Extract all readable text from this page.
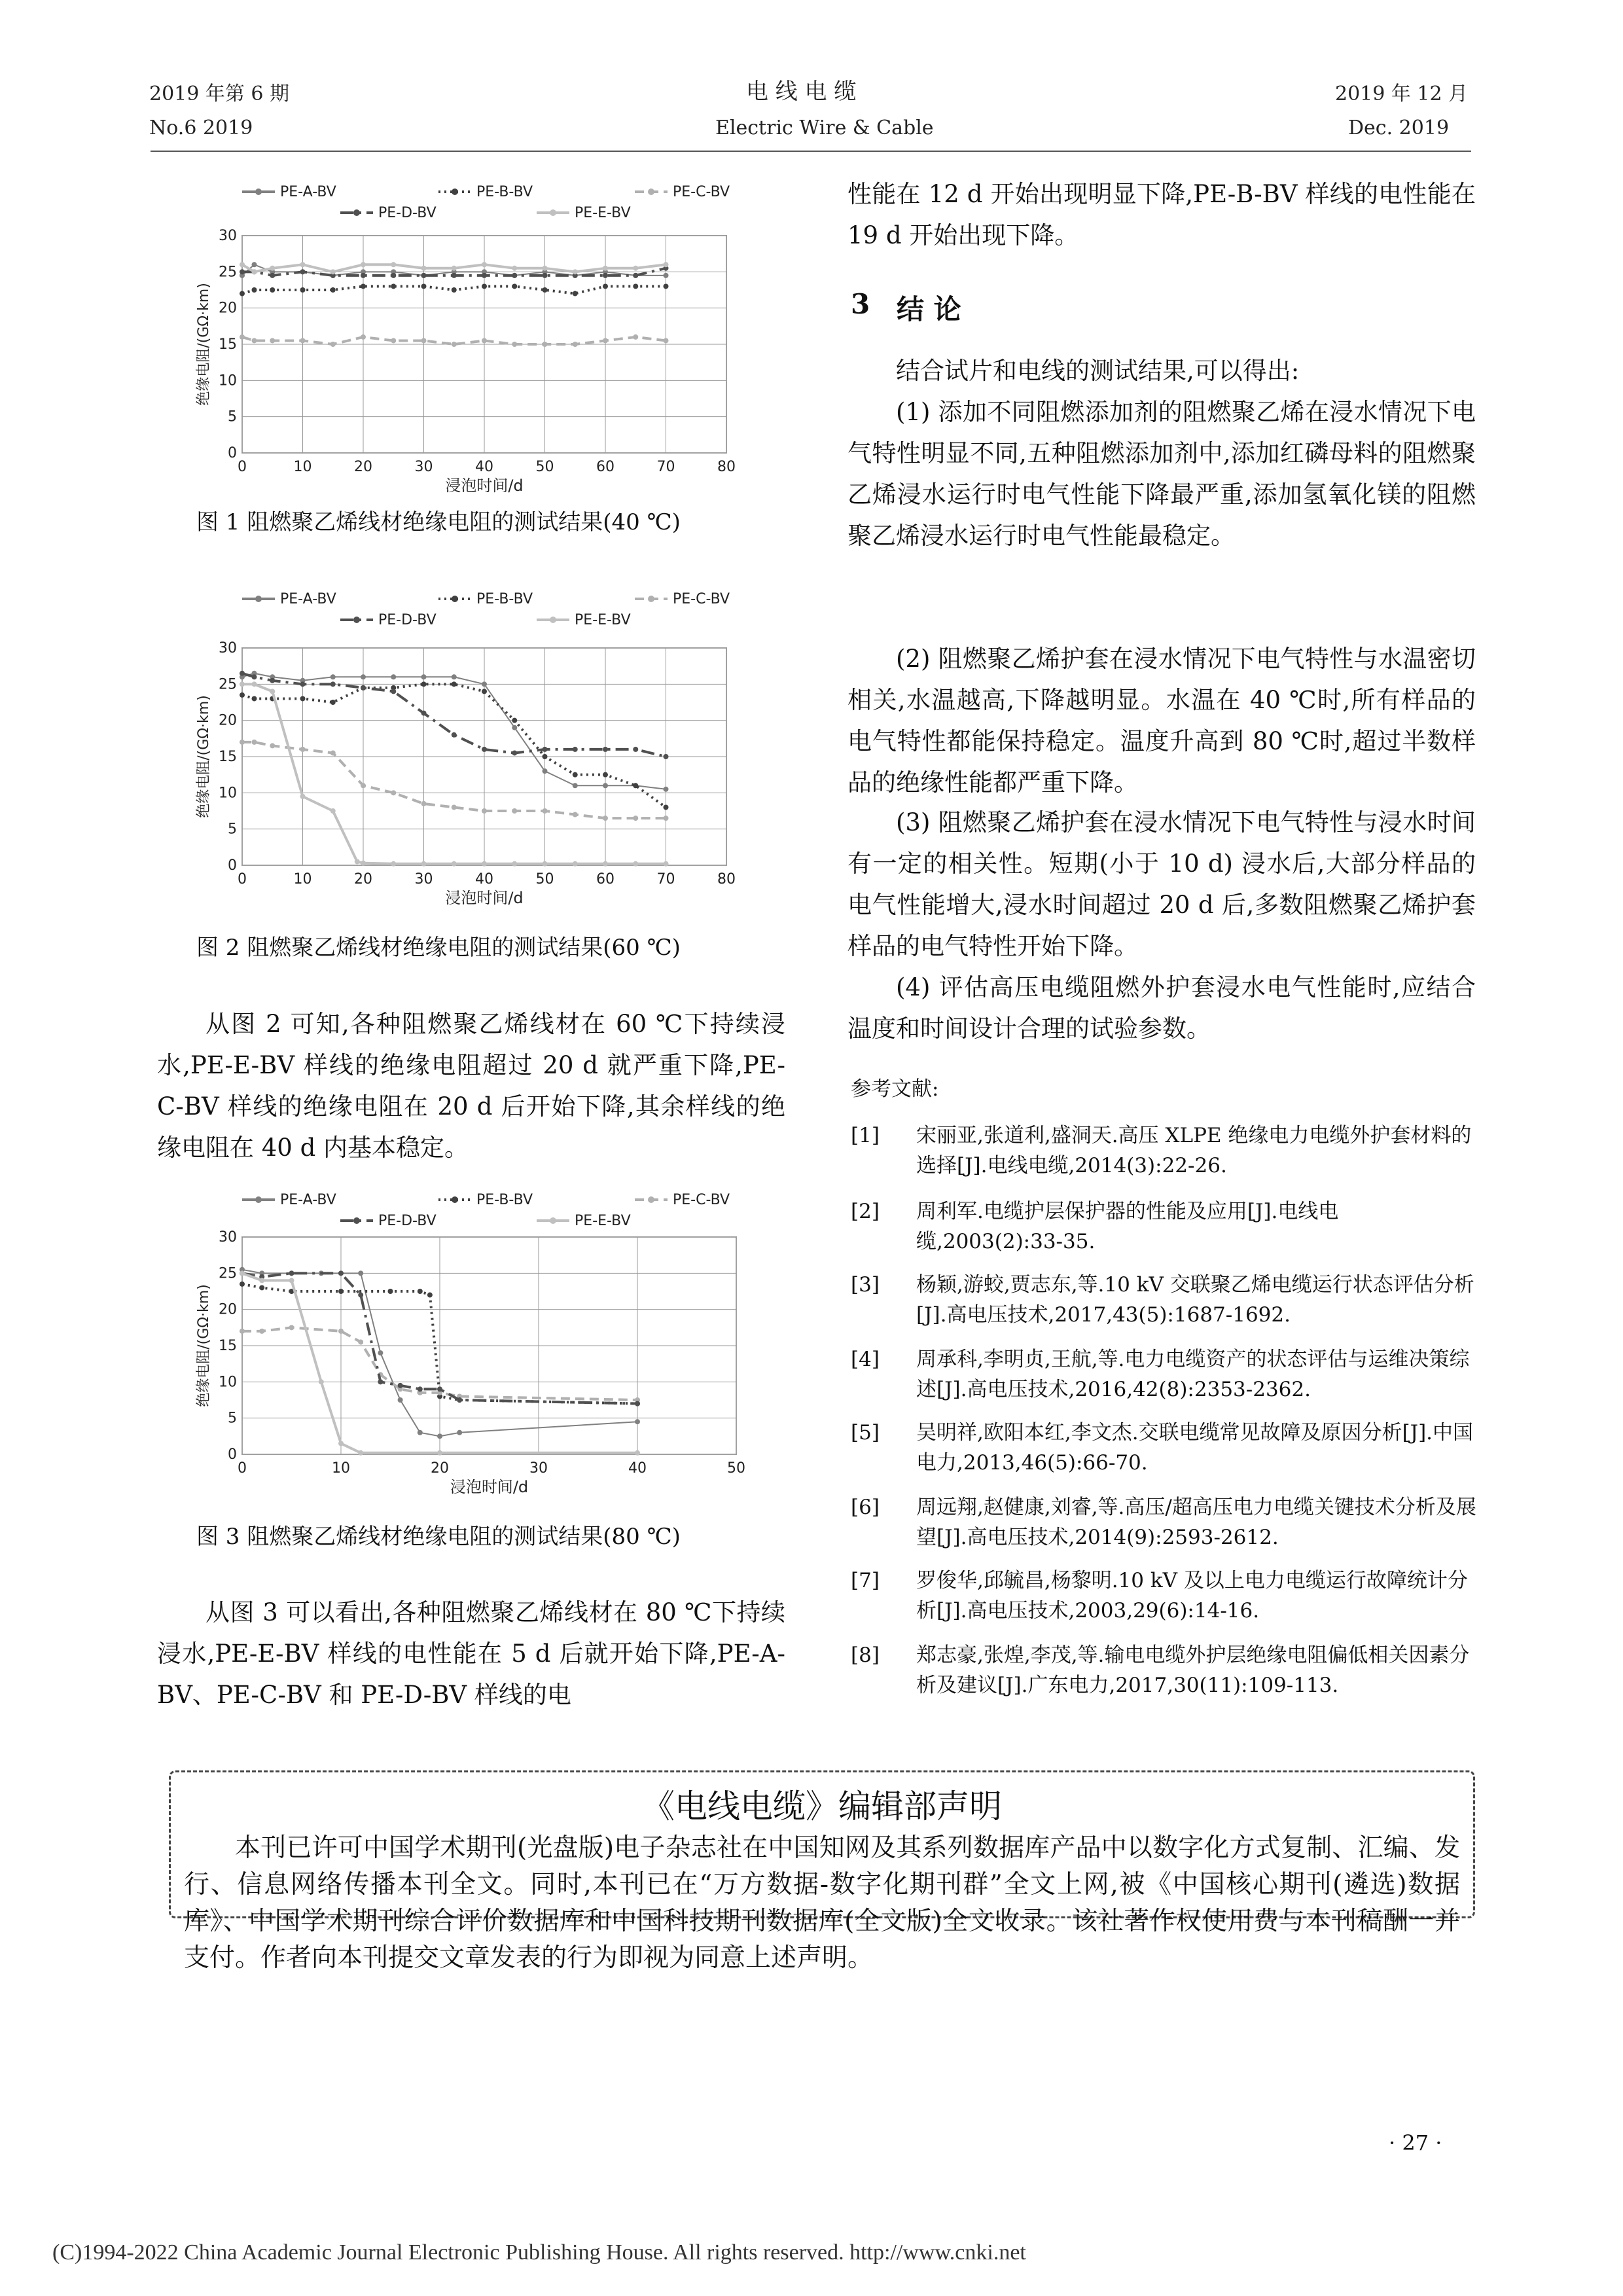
2019 年第 6 期
No.6 2019
电 线 电 缆
Electric Wire & Cable
2019 年 12 月
Dec. 2019
0	10	20	30	40	50	60	70	80
0
5
10
15
20
25
30
浸泡时间/d
绝缘电阻/(GΩ·km)
PE-A-BV	PE-B-BV	PE-C-BV
PE-D-BV	PE-E-BV
图 1 阻燃聚乙烯线材绝缘电阻的测试结果(40 ℃)
0	10	20	30	40	50	60	70	80
0
5
10
15
20
25
30
浸泡时间/d
绝缘电阻/(GΩ·km)
PE-A-BV	PE-B-BV	PE-C-BV
PE-D-BV	PE-E-BV
图 2 阻燃聚乙烯线材绝缘电阻的测试结果(60 ℃)
从图 2 可知,各种阻燃聚乙烯线材在 60 ℃下持续浸水,PE-E-BV 样线的绝缘电阻超过 20 d 就严重下降,PE-C-BV 样线的绝缘电阻在 20 d 后开始下降,其余样线的绝缘电阻在 40 d 内基本稳定。
0	10	20	30	40	50
0
5
10
15
20
25
30
浸泡时间/d
绝缘电阻/(GΩ·km)
PE-A-BV	PE-B-BV	PE-C-BV
PE-D-BV	PE-E-BV
图 3 阻燃聚乙烯线材绝缘电阻的测试结果(80 ℃)
从图 3 可以看出,各种阻燃聚乙烯线材在 80 ℃下持续浸水,PE-E-BV 样线的电性能在 5 d 后就开始下降,PE-A-BV、PE-C-BV 和 PE-D-BV 样线的电
性能在 12 d 开始出现明显下降,PE-B-BV 样线的电性能在 19 d 开始出现下降。
3 结 论
结合试片和电线的测试结果,可以得出:
(1) 添加不同阻燃添加剂的阻燃聚乙烯在浸水情况下电气特性明显不同,五种阻燃添加剂中,添加红磷母料的阻燃聚乙烯浸水运行时电气性能下降最严重,添加氢氧化镁的阻燃聚乙烯浸水运行时电气性能最稳定。
(2) 阻燃聚乙烯护套在浸水情况下电气特性与水温密切相关,水温越高,下降越明显。水温在 40 ℃时,所有样品的电气特性都能保持稳定。温度升高到 80 ℃时,超过半数样品的绝缘性能都严重下降。
(3) 阻燃聚乙烯护套在浸水情况下电气特性与浸水时间有一定的相关性。短期(小于 10 d) 浸水后,大部分样品的电气性能增大,浸水时间超过 20 d 后,多数阻燃聚乙烯护套样品的电气特性开始下降。
(4) 评估高压电缆阻燃外护套浸水电气性能时,应结合温度和时间设计合理的试验参数。
参考文献:
[1]	宋丽亚,张道利,盛洞天.高压 XLPE 绝缘电力电缆外护套材料的选择[J].电线电缆,2014(3):22-26.
[2]	周利军.电缆护层保护器的性能及应用[J].电线电缆,2003(2):33-35.
[3]	杨颖,游蛟,贾志东,等.10 kV 交联聚乙烯电缆运行状态评估分析[J].高电压技术,2017,43(5):1687-1692.
[4]	周承科,李明贞,王航,等.电力电缆资产的状态评估与运维决策综述[J].高电压技术,2016,42(8):2353-2362.
[5]	吴明祥,欧阳本红,李文杰.交联电缆常见故障及原因分析[J].中国电力,2013,46(5):66-70.
[6]	周远翔,赵健康,刘睿,等.高压/超高压电力电缆关键技术分析及展望[J].高电压技术,2014(9):2593-2612.
[7]	罗俊华,邱毓昌,杨黎明.10 kV 及以上电力电缆运行故障统计分析[J].高电压技术,2003,29(6):14-16.
[8]	郑志豪,张煌,李茂,等.输电电缆外护层绝缘电阻偏低相关因素分析及建议[J].广东电力,2017,30(11):109-113.
《电线电缆》编辑部声明
本刊已许可中国学术期刊(光盘版)电子杂志社在中国知网及其系列数据库产品中以数字化方式复制、汇编、发行、信息网络传播本刊全文。同时,本刊已在“万方数据-数字化期刊群”全文上网,被《中国核心期刊(遴选)数据库》、中国学术期刊综合评价数据库和中国科技期刊数据库(全文版)全文收录。该社著作权使用费与本刊稿酬一并支付。作者向本刊提交文章发表的行为即视为同意上述声明。
· 27 ·
(C)1994-2022 China Academic Journal Electronic Publishing House. All rights reserved. http://www.cnki.net
